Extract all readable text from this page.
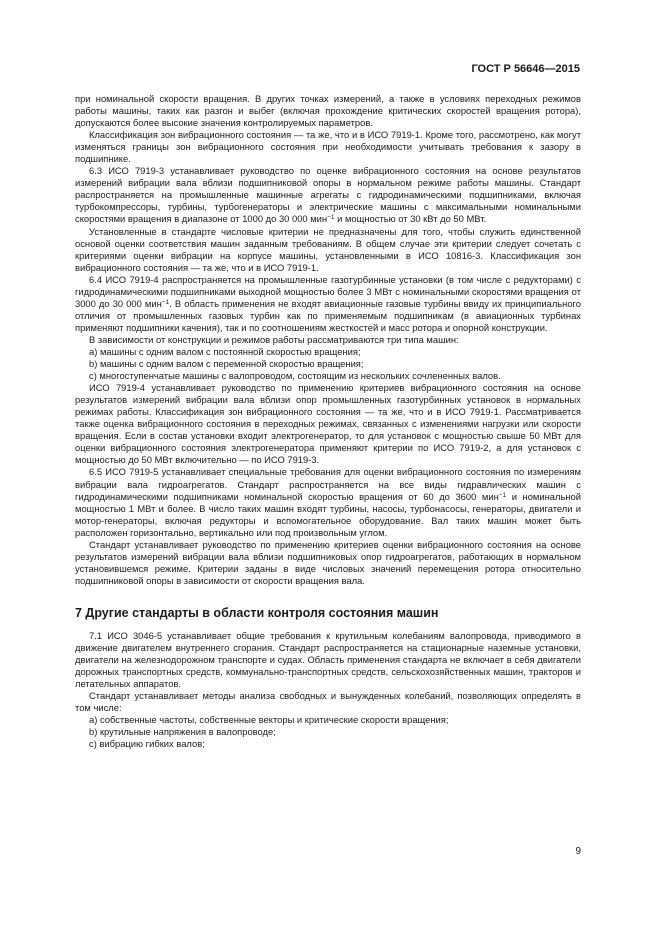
ГОСТ Р 56646—2015

при номинальной скорости вращения. В других точках измерений, а также в условиях переходных режимов работы машины, таких как разгон и выбег (включая прохождение критических скоростей вращения ротора), допускаются более высокие значения контролируемых параметров.

Классификация зон вибрационного состояния — та же, что и в ИСО 7919-1. Кроме того, рассмотрено, как могут изменяться границы зон вибрационного состояния при необходимости учитывать требования к зазору в подшипнике.

6.3 ИСО 7919-3 устанавливает руководство по оценке вибрационного состояния на основе результатов измерений вибрации вала вблизи подшипниковой опоры в нормальном режиме работы машины. Стандарт распространяется на промышленные машинные агрегаты с гидродинамическими подшипниками, включая турбокомпрессоры, турбины, турбогенераторы и электрические машины с максимальными номинальными скоростями вращения в диапазоне от 1000 до 30 000 мин$^{-1}$ и мощностью от 30 кВт до 50 МВт.

Установленные в стандарте числовые критерии не предназначены для того, чтобы служить единственной основой оценки соответствия машин заданным требованиям. В общем случае эти критерии следует сочетать с критериями оценки вибрации на корпусе машины, установленными в ИСО 10816-3. Классификация зон вибрационного состояния — та же, что и в ИСО 7919-1.

6.4 ИСО 7919-4 распространяется на промышленные газотурбинные установки (в том числе с редукторами) с гидродинамическими подшипниками выходной мощностью более 3 МВт с номинальными скоростями вращения от 3000 до 30 000 мин$^{-1}$. В область применения не входят авиационные газовые турбины ввиду их принципиального отличия от промышленных газовых турбин как по применяемым подшипникам (в авиационных турбинах применяют подшипники качения), так и по соотношениям жесткостей и масс ротора и опорной конструкции.

В зависимости от конструкции и режимов работы рассматриваются три типа машин:

а) машины с одним валом с постоянной скоростью вращения;

b) машины с одним валом с переменной скоростью вращения;

c) многоступенчатые машины с валопроводом, состоящим из нескольких сочлененных валов.

ИСО 7919-4 устанавливает руководство по применению критериев вибрационного состояния на основе результатов измерений вибрации вала вблизи опор промышленных газотурбинных установок в нормальных режимах работы. Классификация зон вибрационного состояния — та же, что и в ИСО 7919-1. Рассматривается также оценка вибрационного состояния в переходных режимах, связанных с изменениями нагрузки или скорости вращения. Если в состав установки входит электрогенератор, то для установок с мощностью свыше 50 МВт для оценки вибрационного состояния электрогенератора применяют критерии по ИСО 7919-2, а для установок с мощностью до 50 МВт включительно — по ИСО 7919-3.

6.5 ИСО 7919-5 устанавливает специальные требования для оценки вибрационного состояния по измерениям вибрации вала гидроагрегатов. Стандарт распространяется на все виды гидравлических машин с гидродинамическими подшипниками номинальной скоростью вращения от 60 до 3600 мин$^{-1}$ и номинальной мощностью 1 МВт и более. В число таких машин входят турбины, насосы, турбонасосы, генераторы, двигатели и мотор-генераторы, включая редукторы и вспомогательное оборудование. Вал таких машин может быть расположен горизонтально, вертикально или под произвольным углом.

Стандарт устанавливает руководство по применению критериев оценки вибрационного состояния на основе результатов измерений вибрации вала вблизи подшипниковых опор гидроагрегатов, работающих в нормальном установившемся режиме. Критерии заданы в виде числовых значений перемещения ротора относительно подшипниковой опоры в зависимости от скорости вращения вала.

7 Другие стандарты в области контроля состояния машин

7.1 ИСО 3046-5 устанавливает общие требования к крутильным колебаниям валопровода, приводимого в движение двигателем внутреннего сгорания. Стандарт распространяется на стационарные наземные установки, двигатели на железнодорожном транспорте и судах. Область применения стандарта не включает в себя двигатели дорожных транспортных средств, коммунально-транспортных средств, сельскохозяйственных машин, тракторов и летательных аппаратов.

Стандарт устанавливает методы анализа свободных и вынужденных колебаний, позволяющих определять в том числе:

a) собственные частоты, собственные векторы и критические скорости вращения;

b) крутильные напряжения в валопроводе;

c) вибрацию гибких валов;

9
